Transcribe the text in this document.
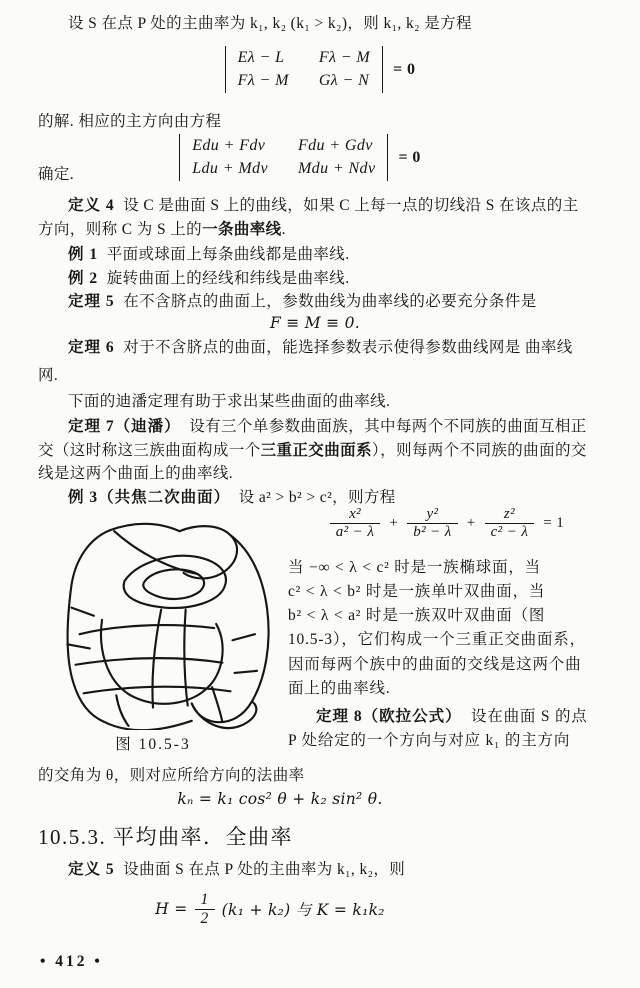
设 S 在点 P 处的主曲率为 k₁, k₂ (k₁ > k₂)，则 k₁, k₂ 是方程
Eλ − L Fλ − M
Fλ − M Gλ − N
= 0
的解. 相应的主方向由方程
Edu + Fdv Fdu + Gdv
Ldu + Mdv Mdu + Ndv
= 0
确定.
定义 4 设 C 是曲面 S 上的曲线，如果 C 上每一点的切线沿 S 在该点的主
方向，则称 C 为 S 上的一条曲率线.
例 1 平面或球面上每条曲线都是曲率线.
例 2 旋转曲面上的经线和纬线是曲率线.
定理 5 在不含脐点的曲面上，参数曲线为曲率线的必要充分条件是
F ≡ M ≡ 0.
定理 6 对于不含脐点的曲面，能选择参数表示使得参数曲线网是 曲率线
网.
下面的迪潘定理有助于求出某些曲面的曲率线.
定理 7（迪潘） 设有三个单参数曲面族，其中每两个不同族的曲面互相正
交（这时称这三族曲面构成一个三重正交曲面系），则每两个不同族的曲面的交
线是这两个曲面上的曲率线.
例 3（共焦二次曲面） 设 a² > b² > c²，则方程
图 10.5-3
$\frac{\text{x²}}{\text{a² − λ}} + \frac{\text{y²}}{\text{b² − λ}} + \frac{\text{z²}}{\text{c² − λ}} = 1$
当 −∞ < λ < c² 时是一族椭球面，当
c² < λ < b² 时是一族单叶双曲面，当
b² < λ < a² 时是一族双叶双曲面（图
10.5-3），它们构成一个三重正交曲面系，
因而每两个族中的曲面的交线是这两个曲
面上的曲率线.
定理 8（欧拉公式） 设在曲面 S 的点
P 处给定的一个方向与对应 k₁ 的主方向
的交角为 θ，则对应所给方向的法曲率
kₙ = k₁ cos² θ + k₂ sin² θ.
10.5.3. 平均曲率．全曲率
定义 5 设曲面 S 在点 P 处的主曲率为 k₁, k₂，则
$H = \frac{1}{2} (k_1 + k_2)$ 与 K = k₁k₂
• 412 •
